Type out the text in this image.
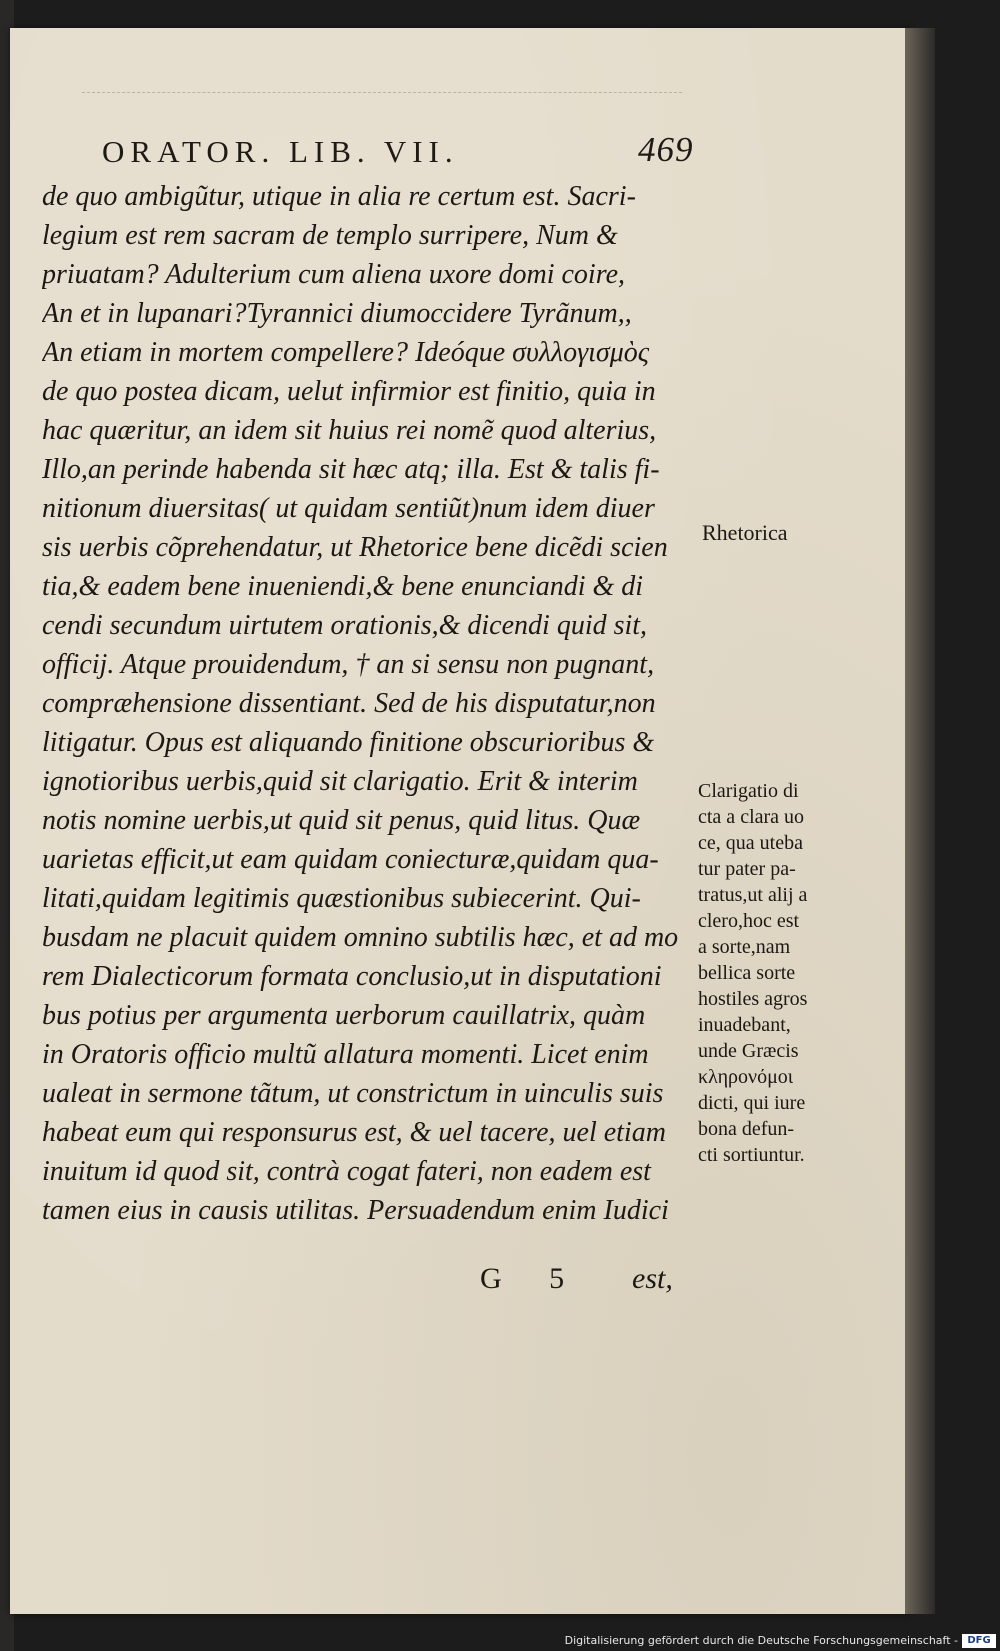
ORATOR. LIB. VII.	469
de quo ambigũtur, utique in alia re certum est. Sacri-
legium est rem sacram de templo surripere, Num &
priuatam? Adulterium cum aliena uxore domi coire,
An et in lupanari?Tyrannici diumoccidere Tyrãnum,,
An etiam in mortem compellere? Ideóque συλλογισμὸς
de quo postea dicam, uelut infirmior est finitio, quia in
hac quæritur, an idem sit huius rei nomẽ quod alterius,
Illo,an perinde habenda sit hæc atq; illa. Est & talis fi-
nitionum diuersitas( ut quidam sentiũt)num idem diuer
sis uerbis cõprehendatur, ut Rhetorice bene dicẽdi scien
tia,& eadem bene inueniendi,& bene enunciandi & di
cendi secundum uirtutem orationis,& dicendi quid sit,
officij. Atque prouidendum, † an si sensu non pugnant,
compræhensione dissentiant. Sed de his disputatur,non
litigatur. Opus est aliquando finitione obscurioribus &
ignotioribus uerbis,quid sit clarigatio. Erit & interim
notis nomine uerbis,ut quid sit penus, quid litus. Quæ
uarietas efficit,ut eam quidam coniecturæ,quidam qua-
litati,quidam legitimis quæstionibus subiecerint. Qui-
busdam ne placuit quidem omnino subtilis hæc, et ad mo
rem Dialecticorum formata conclusio,ut in disputationi
bus potius per argumenta uerborum cauillatrix, quàm
in Oratoris officio multũ allatura momenti. Licet enim
ualeat in sermone tãtum, ut constrictum in uinculis suis
habeat eum qui responsurus est, & uel tacere, uel etiam
inuitum id quod sit, contrà cogat fateri, non eadem est
tamen eius in causis utilitas. Persuadendum enim Iudici
G 5 est,
Rhetorica
Clarigatio di
cta a clara uo
ce, qua uteba
tur pater pa-
tratus,ut alij a
clero,hoc est
a sorte,nam
bellica sorte
hostiles agros
inuadebant,
unde Græcis
κληρονόμοι
dicti, qui iure
bona defun-
cti sortiuntur.
Digitalisierung gefördert durch die Deutsche Forschungsgemeinschaft - DFG
